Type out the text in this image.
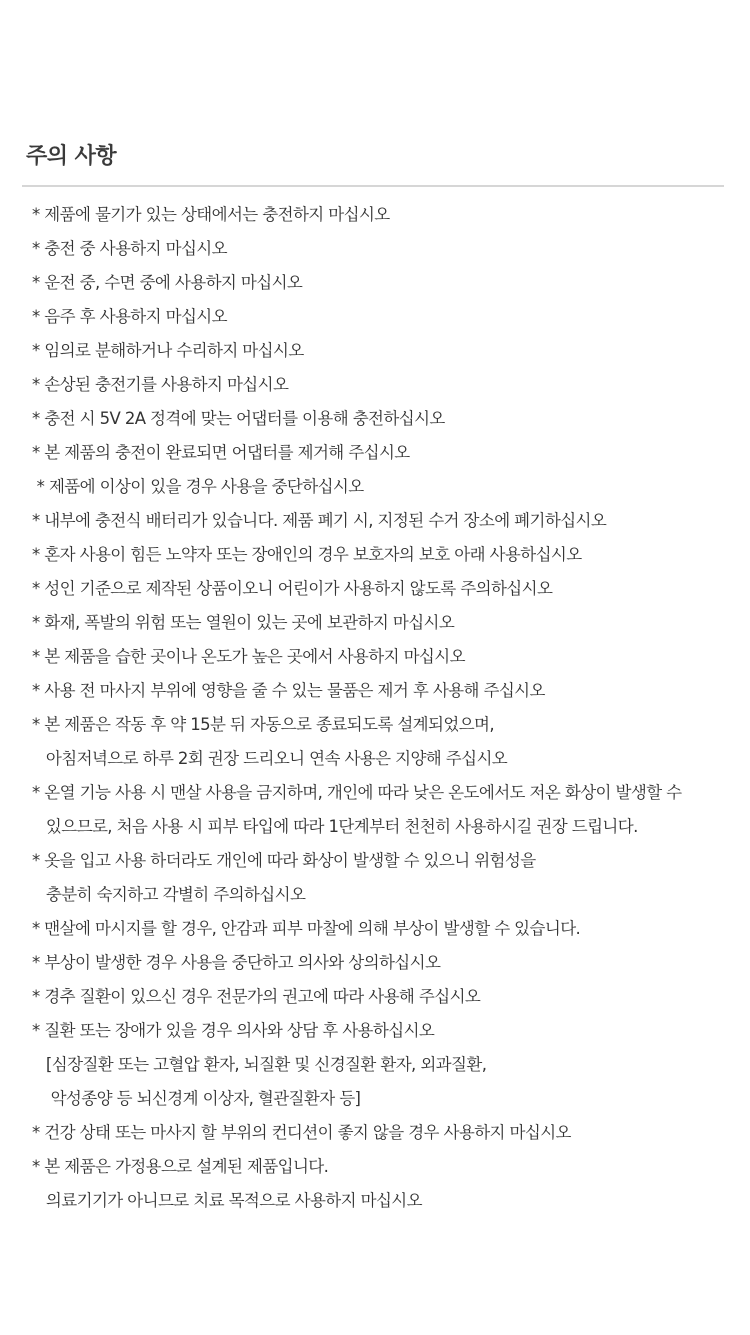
주의 사항
* 제품에 물기가 있는 상태에서는 충전하지 마십시오
* 충전 중 사용하지 마십시오
* 운전 중, 수면 중에 사용하지 마십시오
* 음주 후 사용하지 마십시오
* 임의로 분해하거나 수리하지 마십시오
* 손상된 충전기를 사용하지 마십시오
* 충전 시 5V 2A 정격에 맞는 어댑터를 이용해 충전하십시오
* 본 제품의 충전이 완료되면 어댑터를 제거해 주십시오
* 제품에 이상이 있을 경우 사용을 중단하십시오
* 내부에 충전식 배터리가 있습니다. 제품 폐기 시, 지정된 수거 장소에 폐기하십시오
* 혼자 사용이 힘든 노약자 또는 장애인의 경우 보호자의 보호 아래 사용하십시오
* 성인 기준으로 제작된 상품이오니 어린이가 사용하지 않도록 주의하십시오
* 화재, 폭발의 위험 또는 열원이 있는 곳에 보관하지 마십시오
* 본 제품을 습한 곳이나 온도가 높은 곳에서 사용하지 마십시오
* 사용 전 마사지 부위에 영향을 줄 수 있는 물품은 제거 후 사용해 주십시오
* 본 제품은 작동 후 약 15분 뒤 자동으로 종료되도록 설계되었으며,
아침저녁으로 하루 2회 권장 드리오니 연속 사용은 지양해 주십시오
* 온열 기능 사용 시 맨살 사용을 금지하며, 개인에 따라 낮은 온도에서도 저온 화상이 발생할 수
있으므로, 처음 사용 시 피부 타입에 따라 1단계부터 천천히 사용하시길 권장 드립니다.
* 옷을 입고 사용 하더라도 개인에 따라 화상이 발생할 수 있으니 위험성을
충분히 숙지하고 각별히 주의하십시오
* 맨살에 마시지를 할 경우, 안감과 피부 마찰에 의해 부상이 발생할 수 있습니다.
* 부상이 발생한 경우 사용을 중단하고 의사와 상의하십시오
* 경추 질환이 있으신 경우 전문가의 권고에 따라 사용해 주십시오
* 질환 또는 장애가 있을 경우 의사와 상담 후 사용하십시오
[심장질환 또는 고혈압 환자, 뇌질환 및 신경질환 환자, 외과질환,
악성종양 등 뇌신경계 이상자, 혈관질환자 등]
* 건강 상태 또는 마사지 할 부위의 컨디션이 좋지 않을 경우 사용하지 마십시오
* 본 제품은 가정용으로 설계된 제품입니다.
의료기기가 아니므로 치료 목적으로 사용하지 마십시오
